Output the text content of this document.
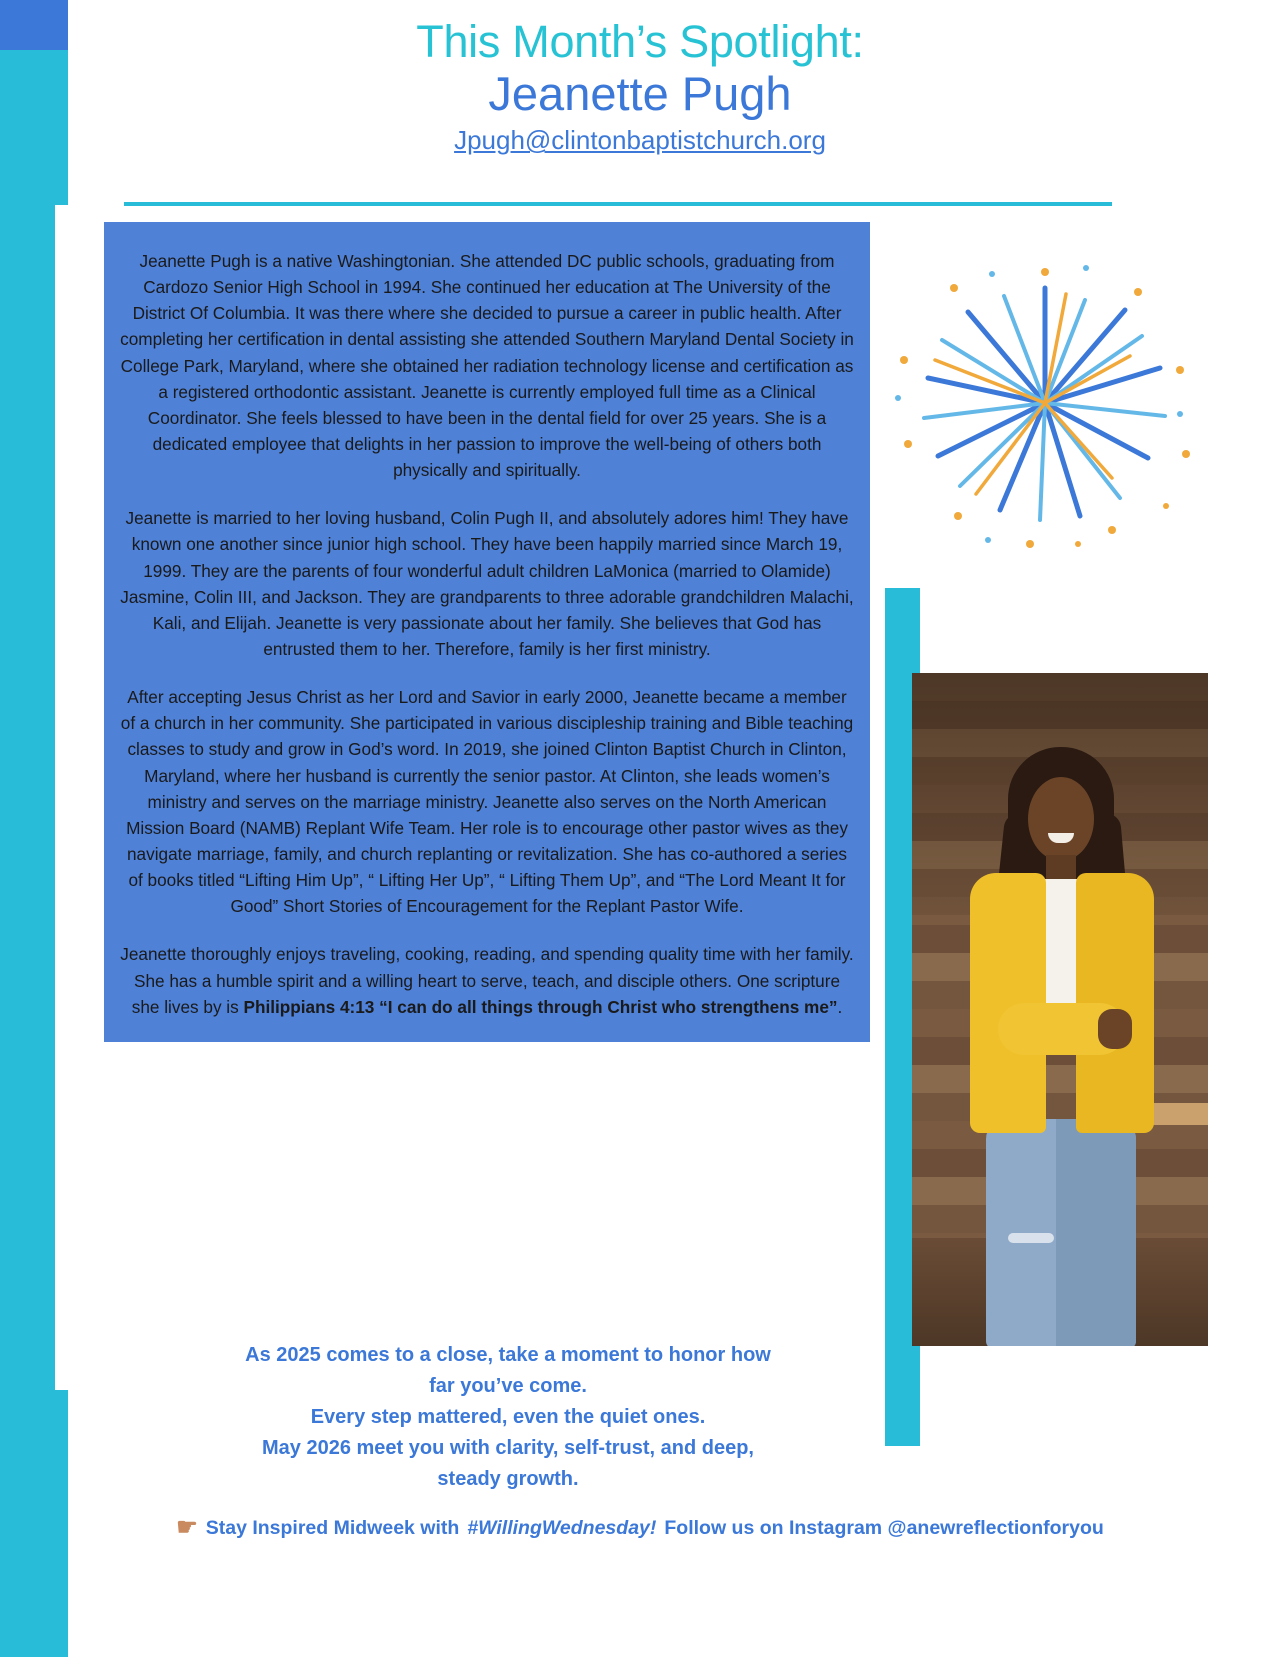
This Month’s Spotlight:
Jeanette Pugh
Jpugh@clintonbaptistchurch.org

Jeanette Pugh is a native Washingtonian. She attended DC public schools, graduating from Cardozo Senior High School in 1994. She continued her education at The University of the District Of Columbia. It was there where she decided to pursue a career in public health. After completing her certification in dental assisting she attended Southern Maryland Dental Society in College Park, Maryland, where she obtained her radiation technology license and certification as a registered orthodontic assistant. Jeanette is currently employed full time as a Clinical Coordinator. She feels blessed to have been in the dental field for over 25 years. She is a dedicated employee that delights in her passion to improve the well-being of others both physically and spiritually.

Jeanette is married to her loving husband, Colin Pugh II, and absolutely adores him! They have known one another since junior high school. They have been happily married since March 19, 1999. They are the parents of four wonderful adult children LaMonica (married to Olamide) Jasmine, Colin III, and Jackson. They are grandparents to three adorable grandchildren Malachi, Kali, and Elijah. Jeanette is very passionate about her family. She believes that God has entrusted them to her. Therefore, family is her first ministry.

After accepting Jesus Christ as her Lord and Savior in early 2000, Jeanette became a member of a church in her community. She participated in various discipleship training and Bible teaching classes to study and grow in God’s word. In 2019, she joined Clinton Baptist Church in Clinton, Maryland, where her husband is currently the senior pastor. At Clinton, she leads women’s ministry and serves on the marriage ministry. Jeanette also serves on the North American Mission Board (NAMB) Replant Wife Team. Her role is to encourage other pastor wives as they navigate marriage, family, and church replanting or revitalization. She has co-authored a series of books titled “Lifting Him Up”, “ Lifting Her Up”, “ Lifting Them Up”, and “The Lord Meant It for Good” Short Stories of Encouragement for the Replant Pastor Wife.

Jeanette thoroughly enjoys traveling, cooking, reading, and spending quality time with her family. She has a humble spirit and a willing heart to serve, teach, and disciple others. One scripture she lives by is Philippians 4:13 “I can do all things through Christ who strengthens me”.

As 2025 comes to a close, take a moment to honor how
far you’ve come.
Every step mattered, even the quiet ones.
May 2026 meet you with clarity, self-trust, and deep,
steady growth.
☛ Stay Inspired Midweek with #WillingWednesday! Follow us on Instagram @anewreflectionforyou
